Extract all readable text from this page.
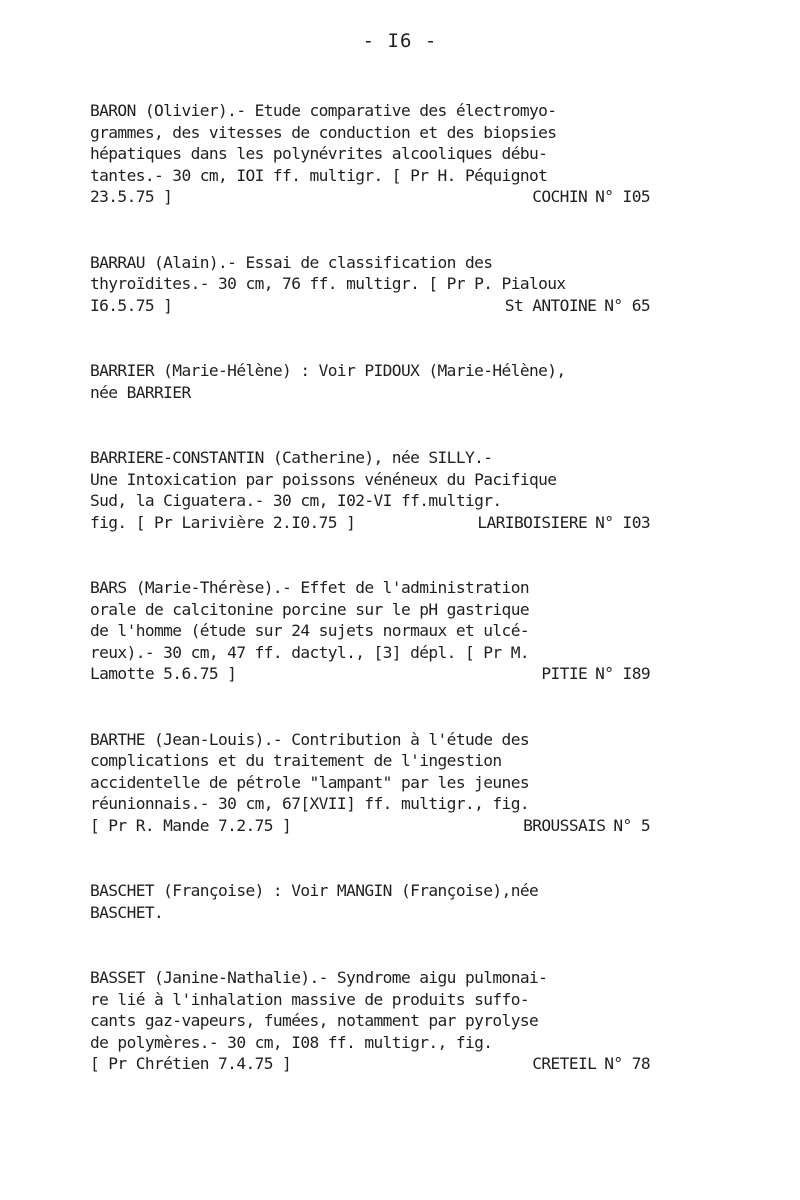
- I6 -
BARON (Olivier).- Etude comparative des électromyo-
grammes, des vitesses de conduction et des biopsies
hépatiques dans les polynévrites alcooliques débu-
tantes.- 30 cm, IOI ff. multigr. [ Pr H. Péquignot
23.5.75 ]	COCHIN N° I05
BARRAU (Alain).- Essai de classification des
thyroïdites.- 30 cm, 76 ff. multigr. [ Pr P. Pialoux
I6.5.75 ]	St ANTOINE N° 65
BARRIER (Marie-Hélène) : Voir PIDOUX (Marie-Hélène),
née BARRIER
BARRIERE-CONSTANTIN (Catherine), née SILLY.-
Une Intoxication par poissons vénéneux du Pacifique
Sud, la Ciguatera.- 30 cm, I02-VI ff.multigr.
fig. [ Pr Larivière 2.I0.75 ]	LARIBOISIERE N° I03
BARS (Marie-Thérèse).- Effet de l'administration
orale de calcitonine porcine sur le pH gastrique
de l'homme (étude sur 24 sujets normaux et ulcé-
reux).- 30 cm, 47 ff. dactyl., [3] dépl. [ Pr M.
Lamotte 5.6.75 ]	PITIE N° I89
BARTHE (Jean-Louis).- Contribution à l'étude des
complications et du traitement de l'ingestion
accidentelle de pétrole "lampant" par les jeunes
réunionnais.- 30 cm, 67[XVII] ff. multigr., fig.
[ Pr R. Mande 7.2.75 ]	BROUSSAIS N° 5
BASCHET (Françoise) : Voir MANGIN (Françoise),née
BASCHET.
BASSET (Janine-Nathalie).- Syndrome aigu pulmonai-
re lié à l'inhalation massive de produits suffo-
cants gaz-vapeurs, fumées, notamment par pyrolyse
de polymères.- 30 cm, I08 ff. multigr., fig.
[ Pr Chrétien 7.4.75 ]	CRETEIL N° 78
